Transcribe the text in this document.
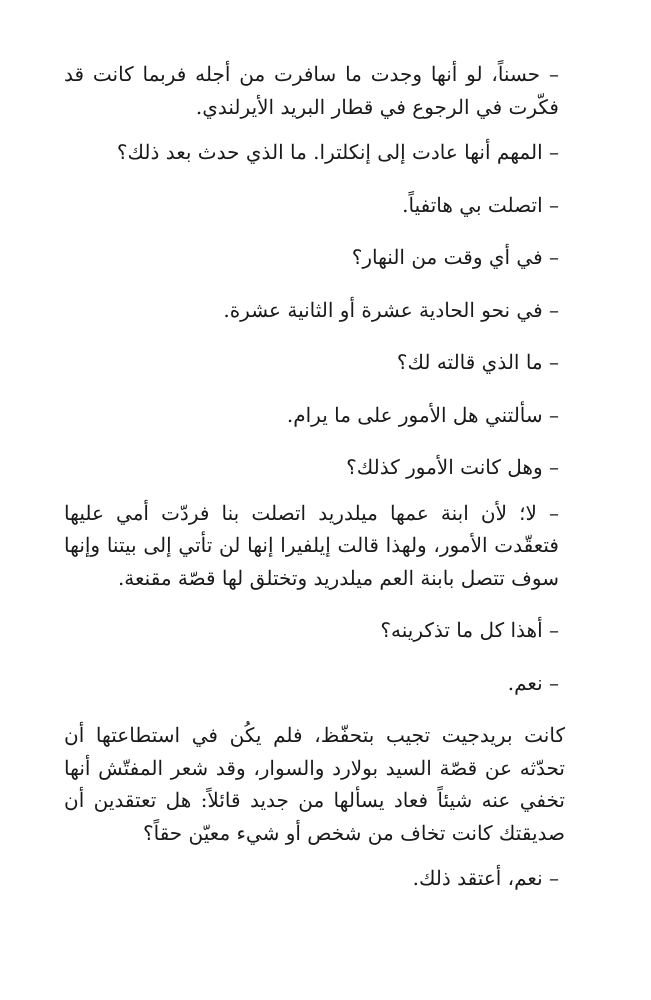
– حسناً، لو أنها وجدت ما سافرت من أجله فربما كانت قد فكّرت في الرجوع في قطار البريد الأيرلندي.

– المهم أنها عادت إلى إنكلترا. ما الذي حدث بعد ذلك؟

– اتصلت بي هاتفياً.

– في أي وقت من النهار؟

– في نحو الحادية عشرة أو الثانية عشرة.

– ما الذي قالته لك؟

– سألتني هل الأمور على ما يرام.

– وهل كانت الأمور كذلك؟

– لا؛ لأن ابنة عمها ميلدريد اتصلت بنا فردّت أمي عليها فتعقّدت الأمور، ولهذا قالت إيلفيرا إنها لن تأتي إلى بيتنا وإنها سوف تتصل بابنة العم ميلدريد وتختلق لها قصّة مقنعة.

– أهذا كل ما تذكرينه؟

– نعم.

كانت بريدجيت تجيب بتحفّظ، فلم يكُن في استطاعتها أن تحدّثه عن قصّة السيد بولارد والسوار، وقد شعر المفتّش أنها تخفي عنه شيئاً فعاد يسألها من جديد قائلاً: هل تعتقدين أن صديقتك كانت تخاف من شخص أو شيء معيّن حقاً؟

– نعم، أعتقد ذلك.
